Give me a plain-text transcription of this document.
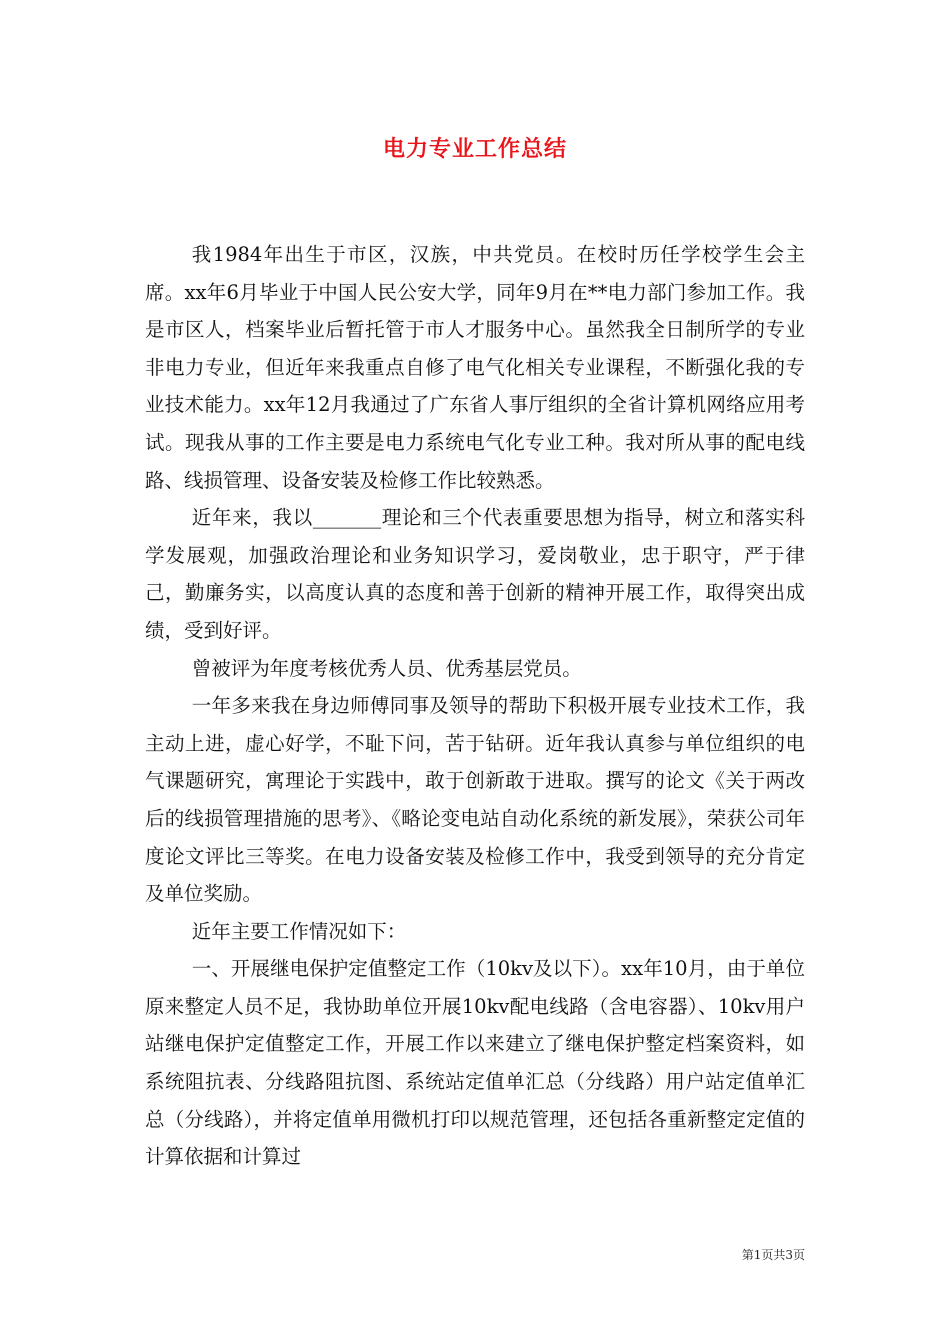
电力专业工作总结

我1984年出生于市区，汉族，中共党员。在校时历任学校学生会主席。xx年6月毕业于中国人民公安大学，同年9月在**电力部门参加工作。我是市区人，档案毕业后暂托管于市人才服务中心。虽然我全日制所学的专业非电力专业，但近年来我重点自修了电气化相关专业课程，不断强化我的专业技术能力。xx年12月我通过了广东省人事厅组织的全省计算机网络应用考试。现我从事的工作主要是电力系统电气化专业工种。我对所从事的配电线路、线损管理、设备安装及检修工作比较熟悉。

近年来，我以_______理论和三个代表重要思想为指导，树立和落实科学发展观，加强政治理论和业务知识学习，爱岗敬业，忠于职守，严于律己，勤廉务实，以高度认真的态度和善于创新的精神开展工作，取得突出成绩，受到好评。

曾被评为年度考核优秀人员、优秀基层党员。

一年多来我在身边师傅同事及领导的帮助下积极开展专业技术工作，我主动上进，虚心好学，不耻下问，苦于钻研。近年我认真参与单位组织的电气课题研究，寓理论于实践中，敢于创新敢于进取。撰写的论文《关于两改后的线损管理措施的思考》、《略论变电站自动化系统的新发展》，荣获公司年度论文评比三等奖。在电力设备安装及检修工作中，我受到领导的充分肯定及单位奖励。

近年主要工作情况如下：

一、开展继电保护定值整定工作（10kv及以下）。xx年10月，由于单位原来整定人员不足，我协助单位开展10kv配电线路（含电容器）、10kv用户站继电保护定值整定工作，开展工作以来建立了继电保护整定档案资料，如系统阻抗表、分线路阻抗图、系统站定值单汇总（分线路）用户站定值单汇总（分线路），并将定值单用微机打印以规范管理，还包括各重新整定定值的计算依据和计算过

第1页共3页
